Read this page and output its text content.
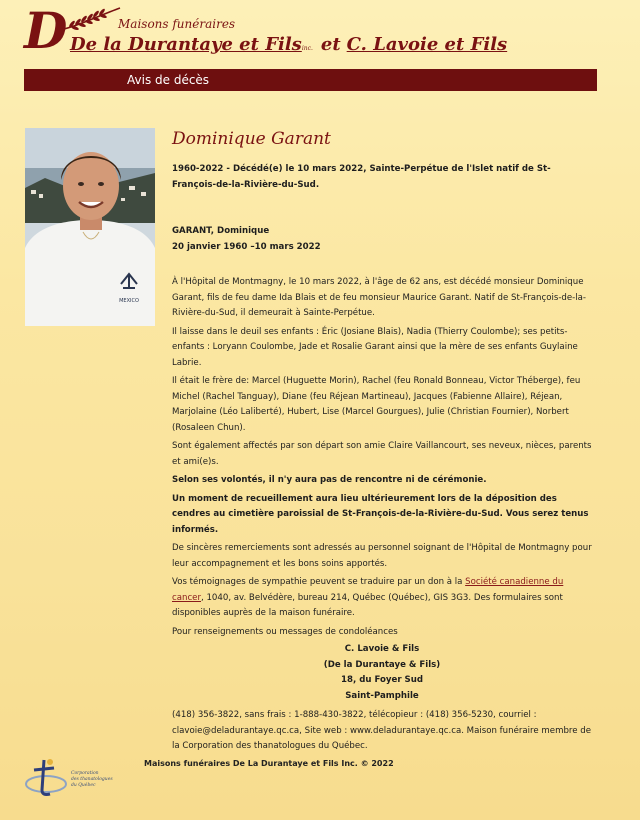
D	Maisons funéraires
De la Durantaye et Filsinc. et C. Lavoie et Fils
Avis de décès
MEXICO
Dominique Garant

1960-2022 - Décédé(e) le 10 mars 2022, Sainte-Perpétue de l'Islet natif de St-François-de-la-Rivière-du-Sud.

GARANT, Dominique

20 janvier 1960 –10 mars 2022

À l'Hôpital de Montmagny, le 10 mars 2022, à l'âge de 62 ans, est décédé monsieur Dominique Garant, fils de feu dame Ida Blais et de feu monsieur Maurice Garant. Natif de St-François-de-la-Rivière-du-Sud, il demeurait à Sainte-Perpétue.

Il laisse dans le deuil ses enfants : Éric (Josiane Blais), Nadia (Thierry Coulombe); ses petits-enfants : Loryann Coulombe, Jade et Rosalie Garant ainsi que la mère de ses enfants Guylaine Labrie.

Il était le frère de: Marcel (Huguette Morin), Rachel (feu Ronald Bonneau, Victor Théberge), feu Michel (Rachel Tanguay), Diane (feu Réjean Martineau), Jacques (Fabienne Allaire), Réjean, Marjolaine (Léo Laliberté), Hubert, Lise (Marcel Gourgues), Julie (Christian Fournier), Norbert (Rosaleen Chun).

Sont également affectés par son départ son amie Claire Vaillancourt, ses neveux, nièces, parents et ami(e)s.

Selon ses volontés, il n'y aura pas de rencontre ni de cérémonie.

Un moment de recueillement aura lieu ultérieurement lors de la déposition des cendres au cimetière paroissial de St-François-de-la-Rivière-du-Sud. Vous serez tenus informés.

De sincères remerciements sont adressés au personnel soignant de l'Hôpital de Montmagny pour leur accompagnement et les bons soins apportés.

Vos témoignages de sympathie peuvent se traduire par un don à la Société canadienne du cancer, 1040, av. Belvédère, bureau 214, Québec (Québec), GIS 3G3. Des formulaires sont disponibles auprès de la maison funéraire.

Pour renseignements ou messages de condoléances

C. Lavoie & Fils

(De la Durantaye & Fils)

18, du Foyer Sud

Saint-Pamphile

(418) 356-3822, sans frais : 1-888-430-3822, télécopieur : (418) 356-5230, courriel : clavoie@deladurantaye.qc.ca, Site web : www.deladurantaye.qc.ca. Maison funéraire membre de la Corporation des thanatologues du Québec.

Corporation
des thanatologues
du Québec
Maisons funéraires De La Durantaye et Fils Inc. © 2022
